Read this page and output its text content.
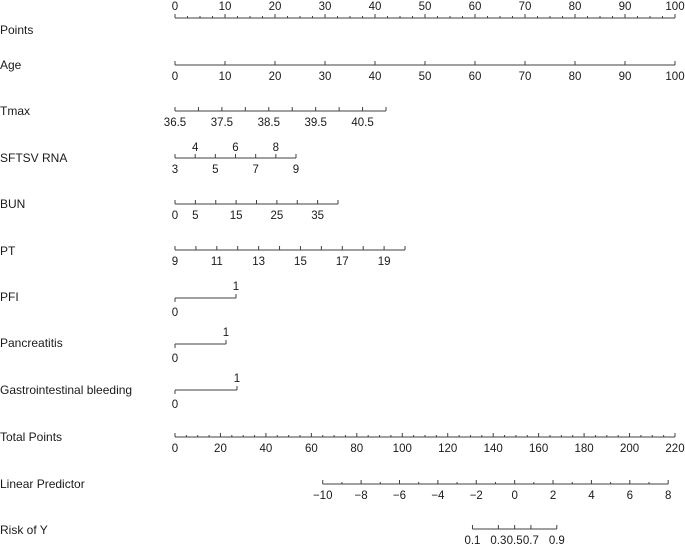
Points
Age
Tmax
SFTSV RNA
BUN
PT
PFI
Pancreatitis
Gastrointestinal bleeding
Total Points
Linear Predictor
Risk of Y
0	10	20	30	40	50	60	70	80	90	100
0	10	20	30	40	50	60	70	80	90	100
36.5 37.5 38.5 39.5 40.5
4	6	8
3	5	7	9
0 5	15 25 35
9	11	13	15	17	19
0
1
0
1
0
1
0	20	40	60	80	100 120 140 160 180 200 220
−10 −8 −6 −4 −2 0	2	4	6	8
0.1 0.3 0.5 0.7 0.9
